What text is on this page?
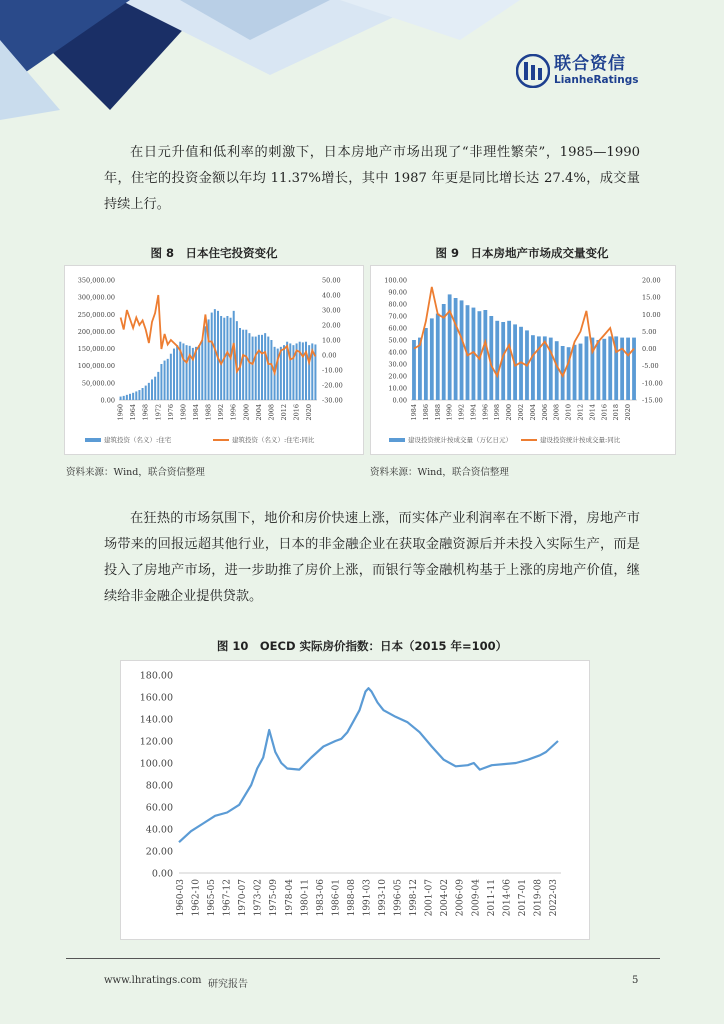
联合资信
LianheRatings
在日元升值和低利率的刺激下，日本房地产市场出现了“非理性繁荣”，1985—1990 年，住宅的投资金额以年均 11.37%增长，其中 1987 年更是同比增长达 27.4%，成交量持续上行。
图 8　日本住宅投资变化	图 9　日本房地产市场成交量变化
0.00
50,000.00
100,000.00
150,000.00
200,000.00
250,000.00
300,000.00
350,000.00
-30.00
-20.00
-10.00
0.00
10.00
20.00
30.00
40.00
50.00
1960 1964 1968 1972 1976 1980 1984 1988 1992 1996 2000 2004 2008 2012 2016 2020
建筑投资（名义）:住宅	建筑投资（名义）:住宅:同比
0.00
10.00
20.00
30.00
40.00
50.00
60.00
70.00
80.00
90.00
100.00
-15.00
-10.00
-5.00
0.00
5.00
10.00
15.00
20.00
1984 1986 1988 1990 1992 1994 1996 1998 2000 2002 2004 2006 2008 2010 2012 2014 2016 2018 2020
建设投资统计按成交量（万亿日元）	建设投资统计按成交量:同比
资料来源：Wind，联合资信整理	资料来源：Wind，联合资信整理
在狂热的市场氛围下，地价和房价快速上涨，而实体产业利润率在不断下滑，房地产市场带来的回报远超其他行业，日本的非金融企业在获取金融资源后并未投入实际生产，而是投入了房地产市场，进一步助推了房价上涨，而银行等金融机构基于上涨的房地产价值，继续给非金融企业提供贷款。
图 10　OECD 实际房价指数：日本（2015 年=100）
0.00
20.00
40.00
60.00
80.00
100.00
120.00
140.00
160.00
180.00
1960-03 1962-10 1965-05 1967-12 1970-07 1973-02 1975-09 1978-04 1980-11 1983-06 1986-01 1988-08 1991-03 1993-10 1996-05 1998-12 2001-07 2004-02 2006-09 2009-04 2011-11 2014-06 2017-01 2019-08 2022-03
www.lhratings.com 研究报告	5
